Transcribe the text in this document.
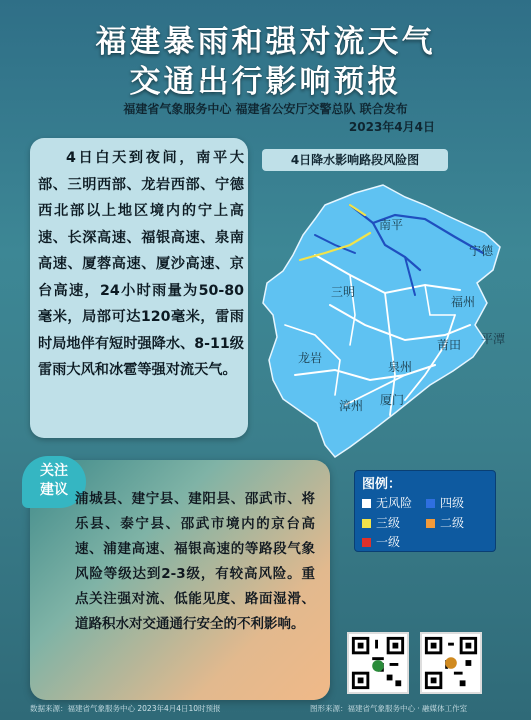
福建暴雨和强对流天气
交通出行影响预报
福建省气象服务中心 福建省公安厅交警总队 联合发布
2023年4月4日
4日白天到夜间，南平大部、三明西部、龙岩西部、宁德西北部以上地区境内的宁上高速、长深高速、福银高速、泉南高速、厦蓉高速、厦沙高速、京台高速，24小时雨量为50-80毫米，局部可达120毫米，雷雨时局地伴有短时强降水、8-11级雷雨大风和冰雹等强对流天气。
4日降水影响路段风险图
南平
宁德
三明
福州
莆田 平潭
龙岩
泉州
漳州 厦门
关注
建议
浦城县、建宁县、建阳县、邵武市、将乐县、泰宁县、邵武市境内的京台高速、浦建高速、福银高速的等路段气象风险等级达到2-3级，有较高风险。重点关注强对流、低能见度、路面湿滑、道路积水对交通通行安全的不利影响。
图例：
无风险	四级
三级	二级
一级
数据来源：福建省气象服务中心 2023年4月4日10时预报	图形来源：福建省气象服务中心 · 融媒体工作室
